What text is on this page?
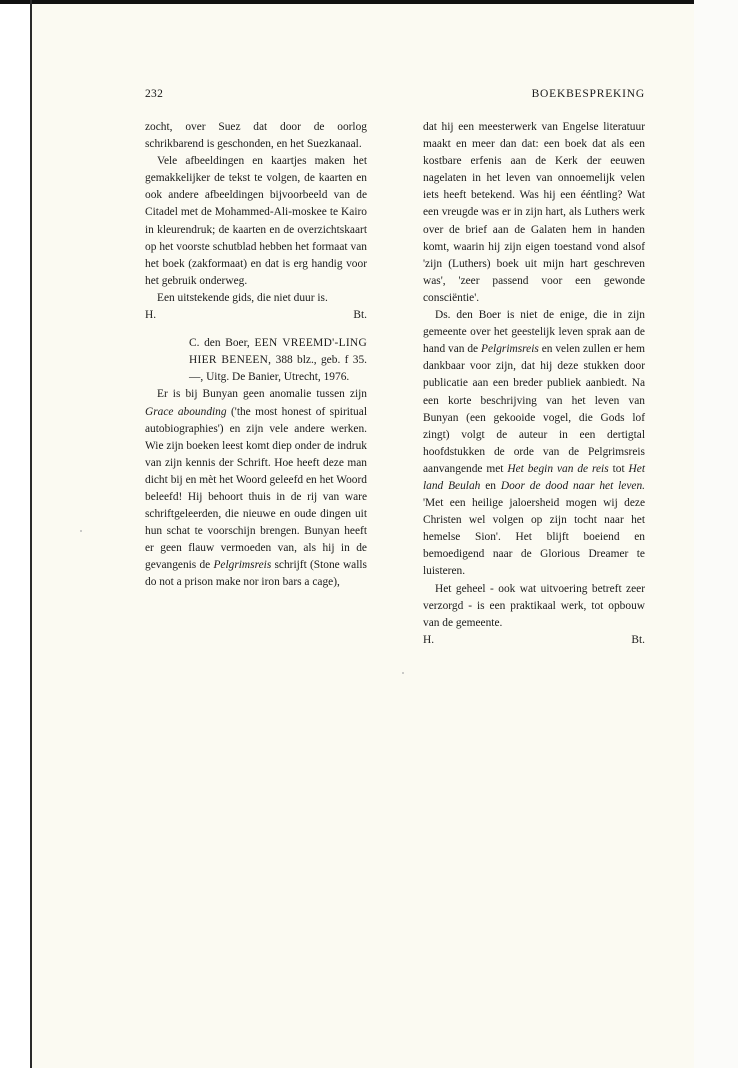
232	BOEKBESPREKING

zocht, over Suez dat door de oorlog schrikbarend is geschonden, en het Suezkanaal.

Vele afbeeldingen en kaartjes maken het gemakkelijker de tekst te volgen, de kaarten en ook andere afbeeldingen bijvoorbeeld van de Citadel met de Mohammed-Ali-moskee te Kairo in kleurendruk; de kaarten en de overzichtskaart op het voorste schutblad hebben het formaat van het boek (zakformaat) en dat is erg handig voor het gebruik onderweg.

Een uitstekende gids, die niet duur is.

H.	Bt.
C. den Boer, EEN VREEMD'-LING HIER BENEEN, 388 blz., geb. f 35.—, Uitg. De Banier, Utrecht, 1976.

Er is bij Bunyan geen anomalie tussen zijn Grace abounding ('the most honest of spiritual autobiographies') en zijn vele andere werken. Wie zijn boeken leest komt diep onder de indruk van zijn kennis der Schrift. Hoe heeft deze man dicht bij en mèt het Woord geleefd en het Woord beleefd! Hij behoort thuis in de rij van ware schriftgeleerden, die nieuwe en oude dingen uit hun schat te voorschijn brengen. Bunyan heeft er geen flauw vermoeden van, als hij in de gevangenis de Pelgrimsreis schrijft (Stone walls do not a prison make nor iron bars a cage),

dat hij een meesterwerk van Engelse literatuur maakt en meer dan dat: een boek dat als een kostbare erfenis aan de Kerk der eeuwen nagelaten in het leven van onnoemelijk velen iets heeft betekend. Was hij een ééntling? Wat een vreugde was er in zijn hart, als Luthers werk over de brief aan de Galaten hem in handen komt, waarin hij zijn eigen toestand vond alsof 'zijn (Luthers) boek uit mijn hart geschreven was', 'zeer passend voor een gewonde consciëntie'.

Ds. den Boer is niet de enige, die in zijn gemeente over het geestelijk leven sprak aan de hand van de Pelgrimsreis en velen zullen er hem dankbaar voor zijn, dat hij deze stukken door publicatie aan een breder publiek aanbiedt. Na een korte beschrijving van het leven van Bunyan (een gekooide vogel, die Gods lof zingt) volgt de auteur in een dertigtal hoofdstukken de orde van de Pelgrimsreis aanvangende met Het begin van de reis tot Het land Beulah en Door de dood naar het leven. 'Met een heilige jaloersheid mogen wij deze Christen wel volgen op zijn tocht naar het hemelse Sion'. Het blijft boeiend en bemoedigend naar de Glorious Dreamer te luisteren.

Het geheel - ook wat uitvoering betreft zeer verzorgd - is een praktikaal werk, tot opbouw van de gemeente.

H.	Bt.
